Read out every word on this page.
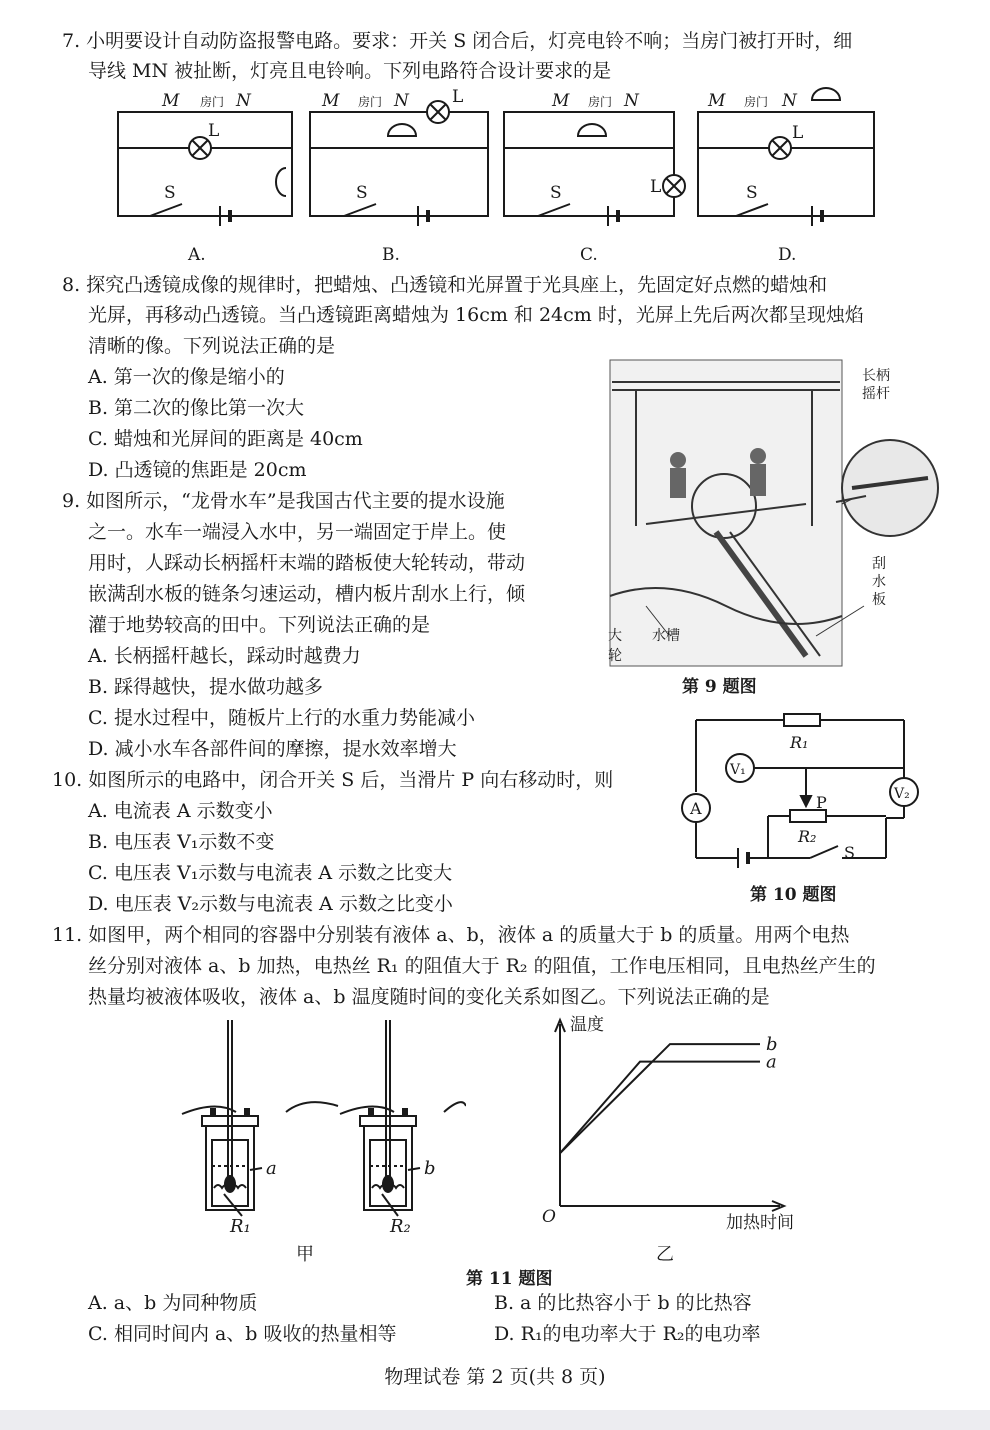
7. 小明要设计自动防盗报警电路。要求：开关 S 闭合后，灯亮电铃不响；当房门被打开时，细
导线 MN 被扯断，灯亮且电铃响。下列电路符合设计要求的是
M 房门 N
L
S
M 房门 N	L
S
M 房门 N
L
S
M 房门 N
L
S
A.	B.	C.	D.
8. 探究凸透镜成像的规律时，把蜡烛、凸透镜和光屏置于光具座上，先固定好点燃的蜡烛和
光屏，再移动凸透镜。当凸透镜距离蜡烛为 16cm 和 24cm 时，光屏上先后两次都呈现烛焰
清晰的像。下列说法正确的是
A. 第一次的像是缩小的
B. 第二次的像比第一次大
C. 蜡烛和光屏间的距离是 40cm
D. 凸透镜的焦距是 20cm
9. 如图所示，“龙骨水车”是我国古代主要的提水设施
之一。水车一端浸入水中，另一端固定于岸上。使
用时，人踩动长柄摇杆末端的踏板使大轮转动，带动
嵌满刮水板的链条匀速运动，槽内板片刮水上行，倾
灌于地势较高的田中。下列说法正确的是
A. 长柄摇杆越长，踩动时越费力
B. 踩得越快，提水做功越多
C. 提水过程中，随板片上行的水重力势能减小
D. 减小水车各部件间的摩擦，提水效率增大
长柄
摇杆
刮
水
板
大
轮
水槽
第 9 题图
10. 如图所示的电路中，闭合开关 S 后，当滑片 P 向右移动时，则
A. 电流表 A 示数变小
B. 电压表 V₁示数不变
C. 电压表 V₁示数与电流表 A 示数之比变大
D. 电压表 V₂示数与电流表 A 示数之比变小
R₁
V₁
V₂
A	P
R₂
S
第 10 题图
11. 如图甲，两个相同的容器中分别装有液体 a、b，液体 a 的质量大于 b 的质量。用两个电热
丝分别对液体 a、b 加热，电热丝 R₁ 的阻值大于 R₂ 的阻值，工作电压相同，且电热丝产生的
热量均被液体吸收，液体 a、b 温度随时间的变化关系如图乙。下列说法正确的是
a	b
R₁	R₂
甲
温度
加热时间
O
b
a
乙
第 11 题图
A. a、b 为同种物质	B. a 的比热容小于 b 的比热容
C. 相同时间内 a、b 吸收的热量相等	D. R₁的电功率大于 R₂的电功率
物理试卷 第 2 页(共 8 页)
